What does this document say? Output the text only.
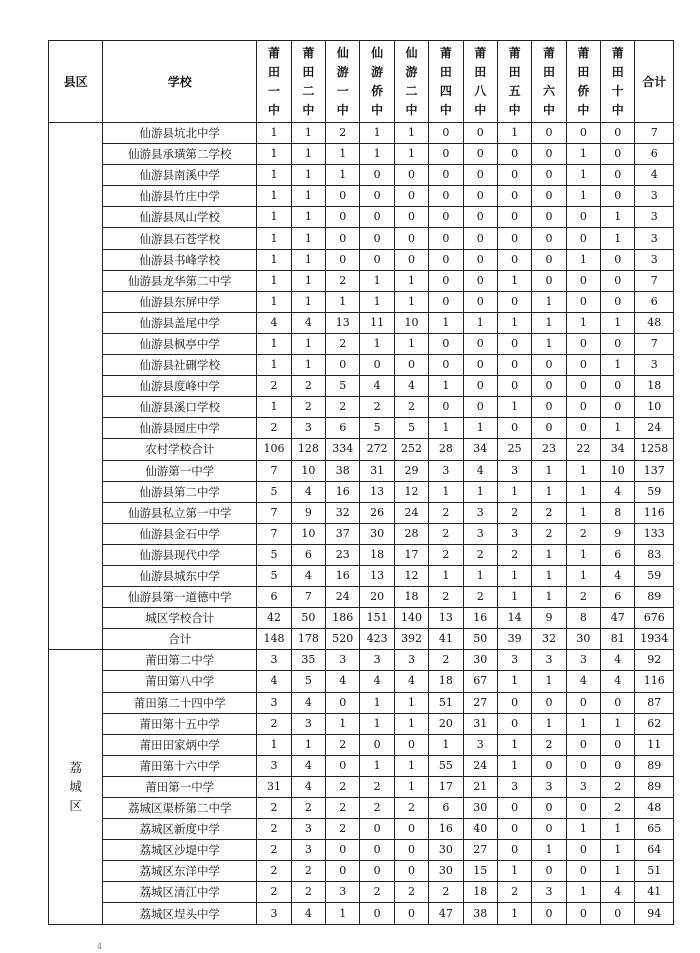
县区	学校	莆
田
一
中	莆
田
二
中	仙
游
一
中	仙
游
侨
中	仙
游
二
中	莆
田
四
中	莆
田
八
中	莆
田
五
中	莆
田
六
中	莆
田
侨
中	莆
田
十
中	合计
	仙游县坑北中学	1	1	2	1	1	0	0	1	0	0	0	7
	仙游县承璜第二学校	1	1	1	1	1	0	0	0	0	1	0	6
	仙游县南溪中学	1	1	1	0	0	0	0	0	0	1	0	4
	仙游县竹庄中学	1	1	0	0	0	0	0	0	0	1	0	3
	仙游县凤山学校	1	1	0	0	0	0	0	0	0	0	1	3
	仙游县石苍学校	1	1	0	0	0	0	0	0	0	0	1	3
	仙游县书峰学校	1	1	0	0	0	0	0	0	0	1	0	3
	仙游县龙华第二中学	1	1	2	1	1	0	0	1	0	0	0	7
	仙游县东屏中学	1	1	1	1	1	0	0	0	1	0	0	6
	仙游县盖尾中学	4	4	13	11	10	1	1	1	1	1	1	48
	仙游县枫亭中学	1	1	2	1	1	0	0	0	1	0	0	7
	仙游县社硎学校	1	1	0	0	0	0	0	0	0	0	1	3
	仙游县度峰中学	2	2	5	4	4	1	0	0	0	0	0	18
	仙游县溪口学校	1	2	2	2	2	0	0	1	0	0	0	10
	仙游县园庄中学	2	3	6	5	5	1	1	0	0	0	1	24
	农村学校合计	106	128	334	272	252	28	34	25	23	22	34	1258
	仙游第一中学	7	10	38	31	29	3	4	3	1	1	10	137
	仙游县第二中学	5	4	16	13	12	1	1	1	1	1	4	59
	仙游县私立第一中学	7	9	32	26	24	2	3	2	2	1	8	116
	仙游县金石中学	7	10	37	30	28	2	3	3	2	2	9	133
	仙游县现代中学	5	6	23	18	17	2	2	2	1	1	6	83
	仙游县城东中学	5	4	16	13	12	1	1	1	1	1	4	59
	仙游县第一道德中学	6	7	24	20	18	2	2	1	1	2	6	89
	城区学校合计	42	50	186	151	140	13	16	14	9	8	47	676
	合计	148	178	520	423	392	41	50	39	32	30	81	1934

荔
城
区	莆田第二中学	3	35	3	3	3	2	30	3	3	3	4	92
	莆田第八中学	4	5	4	4	4	18	67	1	1	4	4	116
	莆田第二十四中学	3	4	0	1	1	51	27	0	0	0	0	87
	莆田第十五中学	2	3	1	1	1	20	31	0	1	1	1	62
	莆田田家炳中学	1	1	2	0	0	1	3	1	2	0	0	11
	莆田第十六中学	3	4	0	1	1	55	24	1	0	0	0	89
	莆田第一中学	31	4	2	2	1	17	21	3	3	3	2	89
	荔城区渠桥第二中学	2	2	2	2	2	6	30	0	0	0	2	48
	荔城区新度中学	2	3	2	0	0	16	40	0	0	1	1	65
	荔城区沙堤中学	2	3	0	0	0	30	27	0	1	0	1	64
	荔城区东洋中学	2	2	0	0	0	30	15	1	0	0	1	51
	荔城区清江中学	2	2	3	2	2	2	18	2	3	1	4	41
	荔城区埕头中学	3	4	1	0	0	47	38	1	0	0	0	94
4
